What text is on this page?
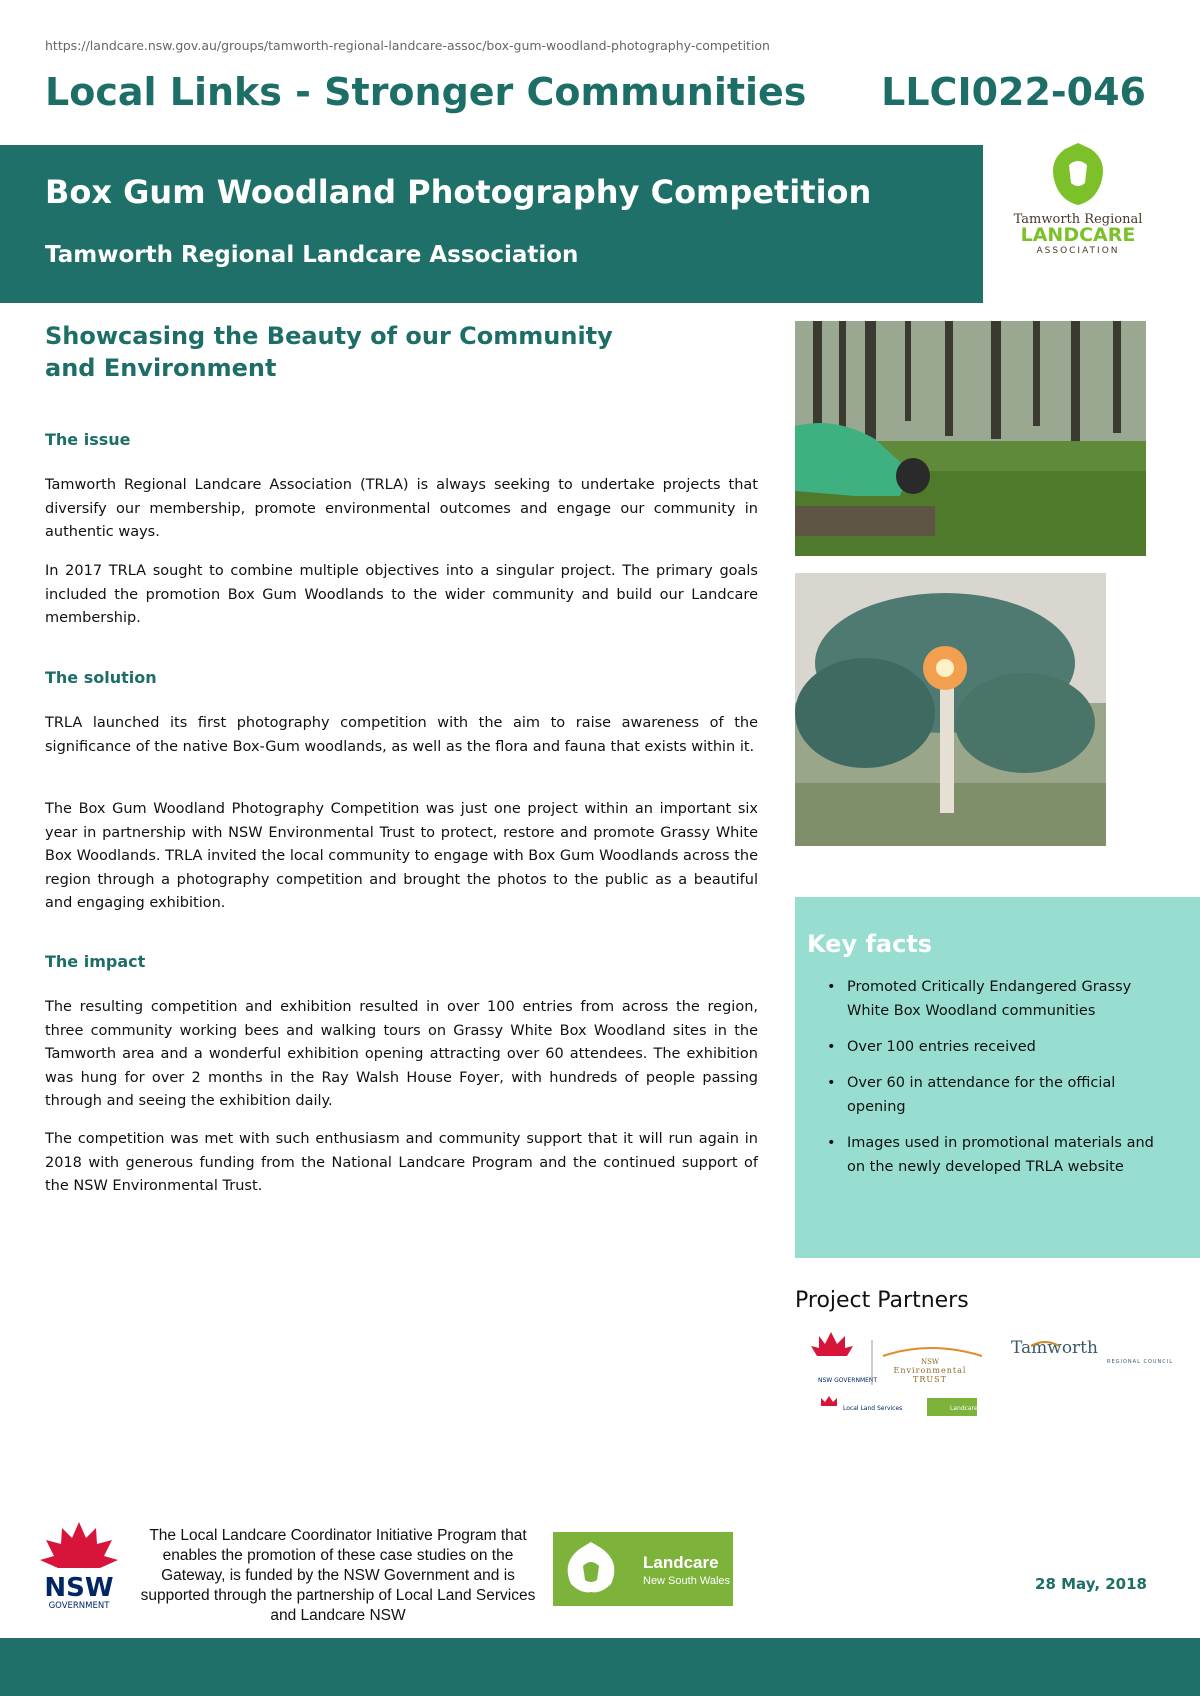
https://landcare.nsw.gov.au/groups/tamworth-regional-landcare-assoc/box-gum-woodland-photography-competition
Local Links - Stronger Communities LLCI022-046
Box Gum Woodland Photography Competition
Tamworth Regional Landcare Association
Tamworth Regional
LANDCARE
ASSOCIATION
Showcasing the Beauty of our Community and Environment
The issue

Tamworth Regional Landcare Association (TRLA) is always seeking to undertake projects that diversify our membership, promote environmental outcomes and engage our community in authentic ways.

In 2017 TRLA sought to combine multiple objectives into a singular project. The primary goals included the promotion Box Gum Woodlands to the wider community and build our Landcare membership.

The solution

TRLA launched its first photography competition with the aim to raise awareness of the significance of the native Box-Gum woodlands, as well as the flora and fauna that exists within it.

The Box Gum Woodland Photography Competition was just one project within an important six year in partnership with NSW Environmental Trust to protect, restore and promote Grassy White Box Woodlands. TRLA invited the local community to engage with Box Gum Woodlands across the region through a photography competition and brought the photos to the public as a beautiful and engaging exhibition.

The impact

The resulting competition and exhibition resulted in over 100 entries from across the region, three community working bees and walking tours on Grassy White Box Woodland sites in the Tamworth area and a wonderful exhibition opening attracting over 60 attendees. The exhibition was hung for over 2 months in the Ray Walsh House Foyer, with hundreds of people passing through and seeing the exhibition daily.

The competition was met with such enthusiasm and community support that it will run again in 2018 with generous funding from the National Landcare Program and the continued support of the NSW Environmental Trust.

Key facts
• Promoted Critically Endangered Grassy White Box Woodland communities
• Over 100 entries received
• Over 60 in attendance for the official opening
• Images used in promotional materials and on the newly developed TRLA website
Project Partners
NSW GOVERNMENT
NSW
Environmental
TRUST
Tamworth
REGIONAL COUNCIL
Local Land Services	Landcare
NSW
GOVERNMENT
The Local Landcare Coordinator Initiative Program that enables the promotion of these case studies on the Gateway, is funded by the NSW Government and is supported through the partnership of Local Land Services and Landcare NSW
Landcare
New South Wales	28 May, 2018
